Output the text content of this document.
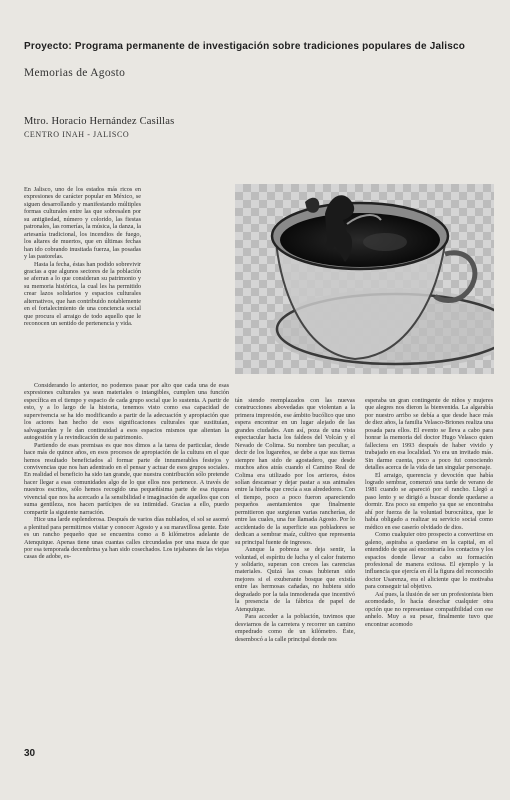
Proyecto: Programa permanente de investigación sobre tradiciones populares de Jalisco
Memorias de Agosto
Mtro. Horacio Hernández Casillas
CENTRO INAH - JALISCO

En Jalisco, uno de los estados más ricos en expresiones de carácter popular en México, se siguen desarrollando y manifestando múltiples formas culturales entre las que sobresalen por su antigüedad, número y colorido, las fiestas patronales, las romerías, la música, la danza, la artesanía tradicional, los incendios de fuego, los altares de muertos, que en últimas fechas han ido cobrando inusitada fuerza, las posadas y las pastorelas.

Hasta la fecha, éstas han podido sobrevivir gracias a que algunos sectores de la población se aferran a lo que consideran su patrimonio y su memoria histórica, la cual les ha permitido crear lazos solidarios y espacios culturales alternativos, que han contribuido notablemente en el fortalecimiento de una conciencia social que procura el arraigo de todo aquello que le reconocen un sentido de pertenencia y vida.

Considerando lo anterior, no podemos pasar por alto que cada una de esas expresiones culturales ya sean materiales o intangibles, cumplen una función específica en el tiempo y espacio de cada grupo social que lo sustenta. A partir de esto, y a lo largo de la historia, tenemos visto como esa capacidad de supervivencia se ha ido modificando a partir de la adecuación y apropiación que los actores han hecho de esos significaciones culturales que sustituían, salvaguardan y le dan continuidad a esos espacios mismos que alientan la autogestión y la revindicación de su patrimonio.

Partiendo de esas premisas es que nos dimos a la tarea de particular, desde hace más de quince años, en esos procesos de apropiación de la cultura en el que hemos resultado beneficiados al formar parte de innumerables festejos y convivencias que nos han adentrado en el pensar y actuar de esos grupos sociales. En realidad el beneficio ha sido tan grande, que nuestra contribución sólo pretende hacer llegar a esas comunidades algo de lo que ellos nos pertenece. A través de nuestros escritos, sólo hemos recogido una pequeñísima parte de esa riqueza vivencial que nos ha acercado a la sensibilidad e imaginación de aquellos que con suma gentileza, nos hacen partícipes de su intimidad. Gracias a ello, puedo compartir la siguiente narración.

Hice una larde esplendorosa. Después de varios días nublados, el sol se asomó a plenitud para permitirnos visitar y conocer Agosto y a su maravillosa gente. Éste es un rancho pequeño que se encuentra como a 8 kilómetros adelante de Atenquique. Apenas tiene unas cuantas calles circundadas por una maza de que por esa temporada decembrina ya han sido cosechados. Los tejabanes de las viejas casas de adobe, es-

tán siendo reemplazados con las nuevas construcciones abovedadas que violentan a la primera impresión, ese ámbito bucólico que uno espera encontrar en un lugar alejado de las grandes ciudades. Aun así, poza de una vista espectacular hacia los faldeos del Volcán y el Nevado de Colima. Su nombre tan peculiar, a decir de los lugareños, se debe a que sus tierras siempre han sido de agostadero, que desde muchos años atrás cuando el Camino Real de Colima era utilizado por los arrieros, éstos solían descansar y dejar pastar a sus animales entre la hierba que crecía a sus alrededores. Con el tiempo, poco a poco fueron apareciendo pequeños asentamientos que finalmente permitieron que surgieran varias rancherías, de entre las cuales, una fue llamada Agosto. Por lo accidentado de la superficie sus pobladores se dedican a sembrar maíz, cultivo que representa su principal fuente de ingresos.

Aunque la pobreza se deja sentir, la voluntad, el espíritu de lucha y el calor fraterno y solidario, superan con creces las carencias materiales. Quizá las cosas hubieran sido mejores si el exuberante bosque que existía entre las hermosas cañadas, no hubiera sido degradado por la tala inmoderada que incentivó la presencia de la fábrica de papel de Atenquique.

Para acceder a la población, tuvimos que desviarnos de la carretera y recorrer un camino empedrado como de un kilómetro. Éste, desembocó a la calle principal donde nos

esperaba un gran contingente de niños y mujeres que alegres nos dieron la bienvenida. La algarabía por nuestro arribo se debía a que desde hace más de diez años, la familia Velasco-Briones realiza una posada para ellos. El evento se lleva a cabo para honrar la memoria del doctor Hugo Velasco quien falleciera en 1993 después de haber vivido y trabajado en esa localidad. Yo era un invitado más. Sin darme cuenta, poco a poco fui conociendo detalles acerca de la vida de tan singular personaje.

El arraigo, querencia y devoción que había logrado sembrar, comenzó una tarde de verano de 1981 cuando se apareció por el rancho. Llegó a paso lento y se dirigió a buscar donde quedarse a dormir. Era poco su empeño ya que se encontraba ahí por fuerza de la voluntad burocrática, que le había obligado a realizar su servicio social como médico en ese caserío olvidado de dios.

Como cualquier otro prospecto a convertirse en galeno, aspiraba a quedarse en la capital, en el entendido de que así encontraría los contactos y los espacios donde llevar a cabo su formación profesional de manera exitosa. El ejemplo y la influencia que ejercía en él la figura del reconocido doctor Usarenza, era el aliciente que lo motivaba para conseguir tal objetivo.

Así pues, la ilusión de ser un profesionista bien acomodado, lo hacía desechar cualquier otra opción que no representase compatibilidad con ese anhelo. Muy a su pesar, finalmente tuvo que encontrar acomodo

30
